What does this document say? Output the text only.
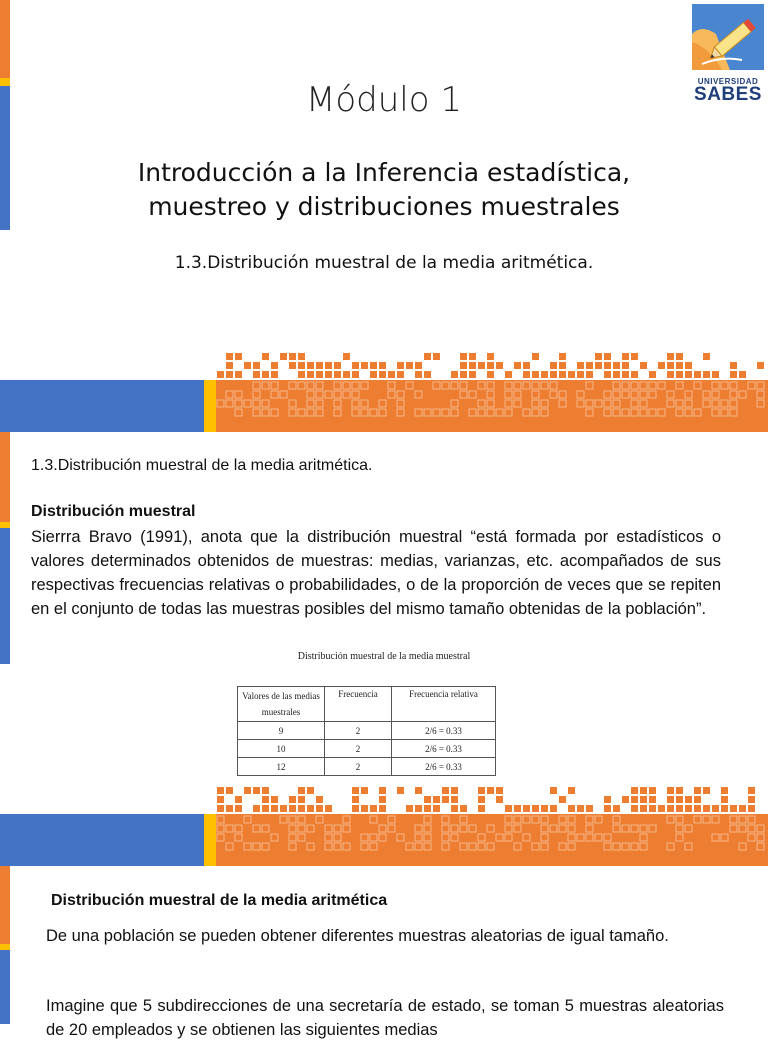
UNIVERSIDAD
SABES
Módulo 1
Introducción a la Inferencia estadística,
muestreo y distribuciones muestrales
1.3.Distribución muestral de la media aritmética.
1.3.Distribución muestral de la media aritmética.
Distribución muestral
Sierrra Bravo (1991), anota que la distribución muestral “está formada por estadísticos o valores determinados obtenidos de muestras: medias, varianzas, etc. acompañados de sus respectivas frecuencias relativas o probabilidades, o de la proporción de veces que se repiten en el conjunto de todas las muestras posibles del mismo tamaño obtenidas de la población”.
Distribución muestral de la media muestral
Valores de las medias muestrales	Frecuencia	Frecuencia relativa
9	2	2/6 = 0.33
10	2	2/6 = 0.33
12	2	2/6 = 0.33
Distribución muestral de la media aritmética
De una población se pueden obtener diferentes muestras aleatorias de igual tamaño.
Imagine que 5 subdirecciones de una secretaría de estado, se toman 5 muestras aleatorias de 20 empleados y se obtienen las siguientes medias
